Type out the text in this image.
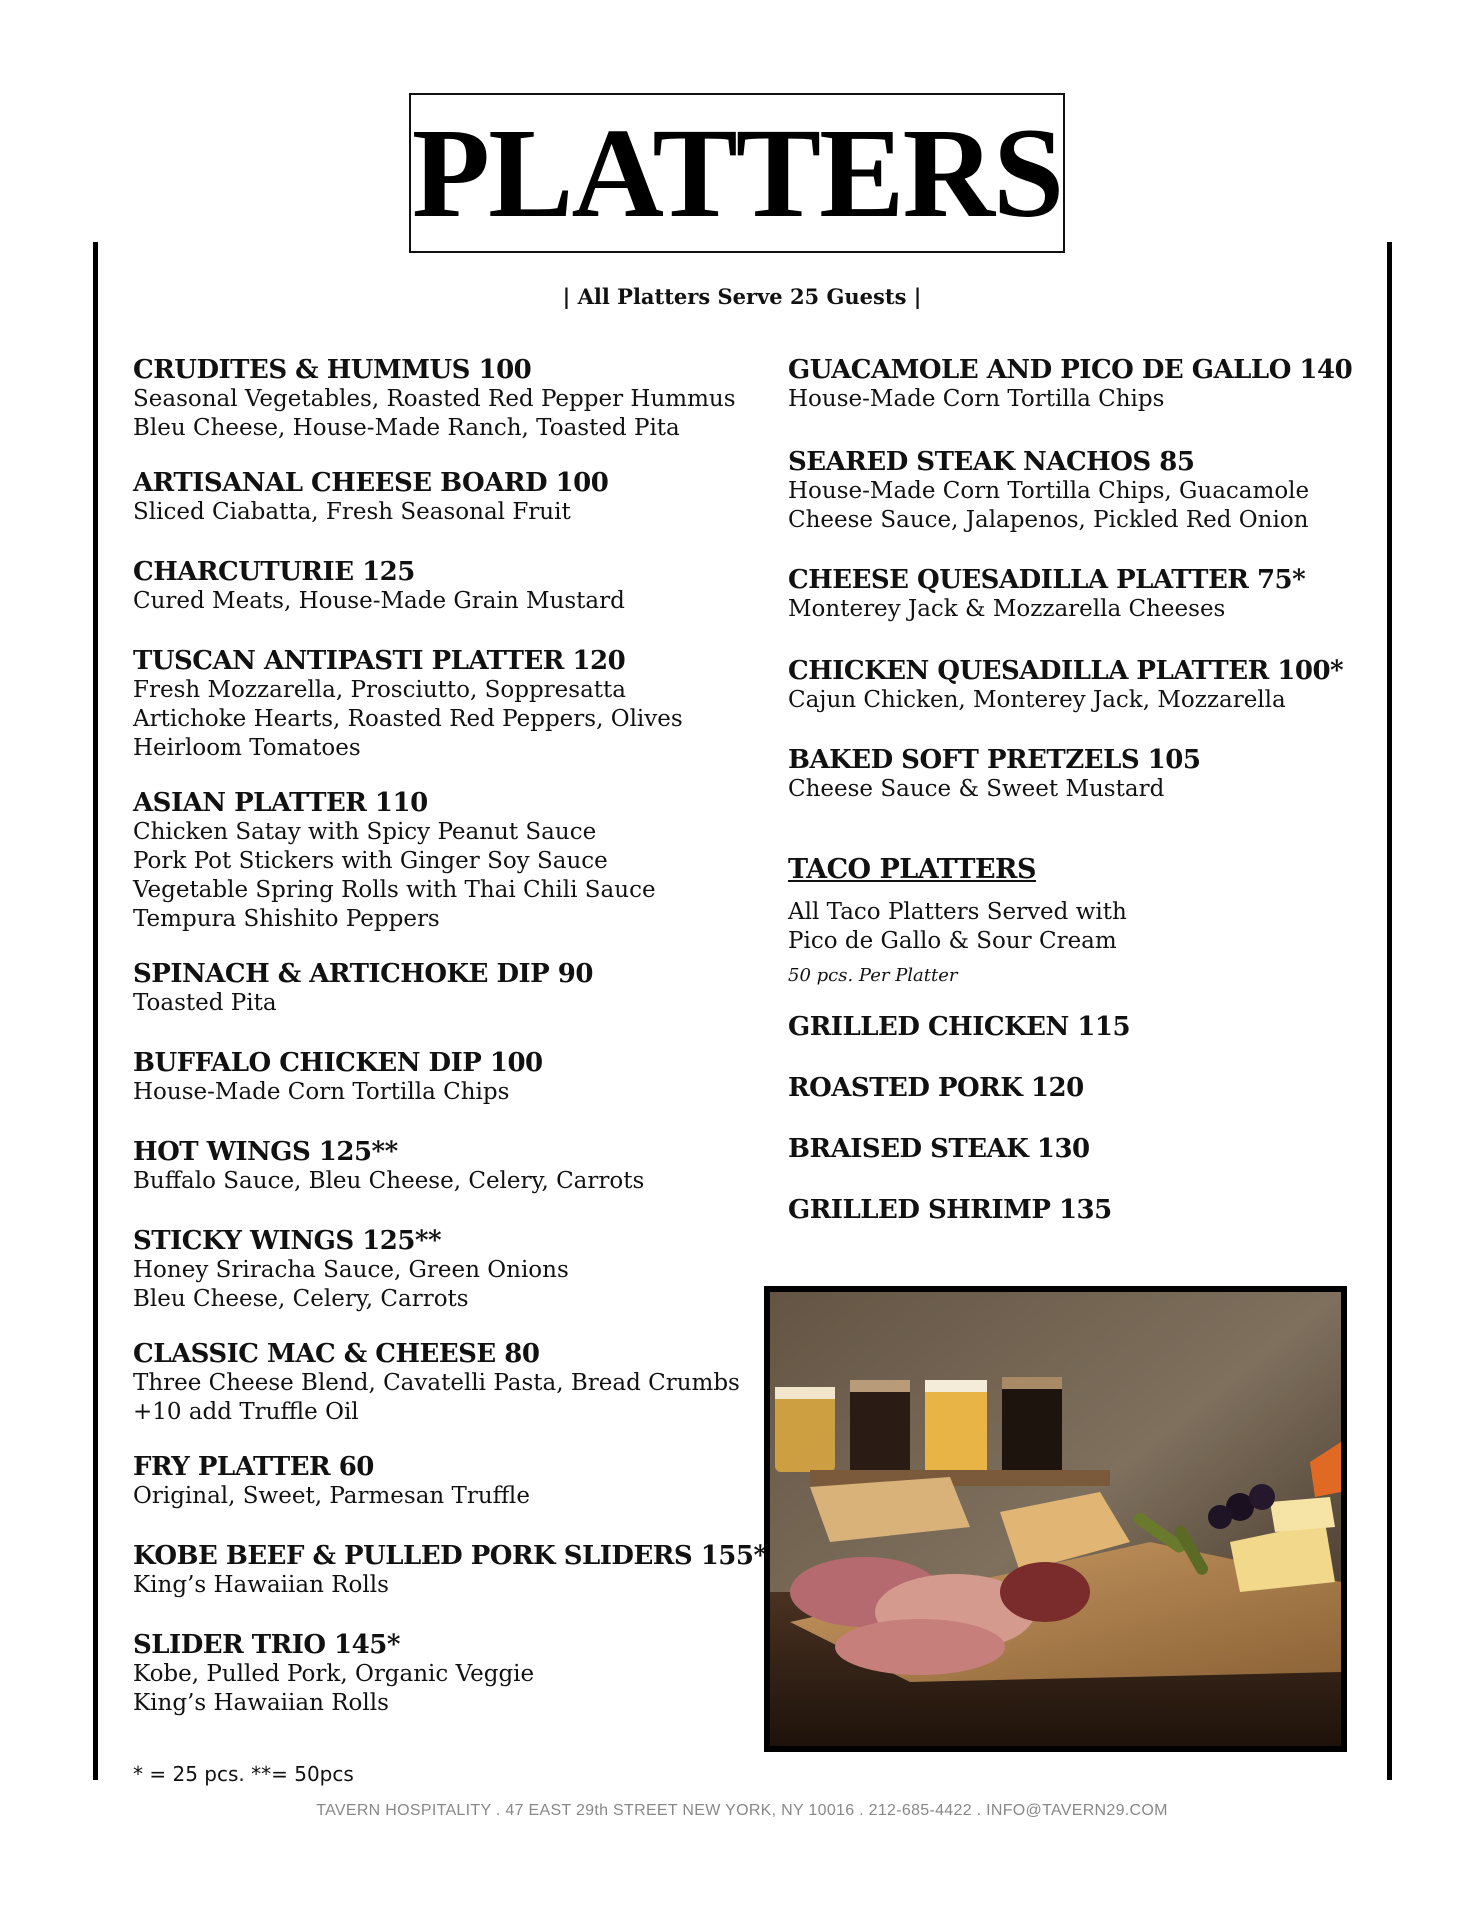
PLATTERS
| All Platters Serve 25 Guests |
CRUDITES & HUMMUS 100
Seasonal Vegetables, Roasted Red Pepper Hummus
Bleu Cheese, House-Made Ranch, Toasted Pita
ARTISANAL CHEESE BOARD 100
Sliced Ciabatta, Fresh Seasonal Fruit
CHARCUTURIE 125
Cured Meats, House-Made Grain Mustard
TUSCAN ANTIPASTI PLATTER 120
Fresh Mozzarella, Prosciutto, Soppresatta
Artichoke Hearts, Roasted Red Peppers, Olives
Heirloom Tomatoes
ASIAN PLATTER 110
Chicken Satay with Spicy Peanut Sauce
Pork Pot Stickers with Ginger Soy Sauce
Vegetable Spring Rolls with Thai Chili Sauce
Tempura Shishito Peppers
SPINACH & ARTICHOKE DIP 90
Toasted Pita
BUFFALO CHICKEN DIP 100
House-Made Corn Tortilla Chips
HOT WINGS 125**
Buffalo Sauce, Bleu Cheese, Celery, Carrots
STICKY WINGS 125**
Honey Sriracha Sauce, Green Onions
Bleu Cheese, Celery, Carrots
CLASSIC MAC & CHEESE 80
Three Cheese Blend, Cavatelli Pasta, Bread Crumbs
+10 add Truffle Oil
FRY PLATTER 60
Original, Sweet, Parmesan Truffle
KOBE BEEF & PULLED PORK SLIDERS 155*
King’s Hawaiian Rolls
SLIDER TRIO 145*
Kobe, Pulled Pork, Organic Veggie
King’s Hawaiian Rolls
GUACAMOLE AND PICO DE GALLO 140
House-Made Corn Tortilla Chips
SEARED STEAK NACHOS 85
House-Made Corn Tortilla Chips, Guacamole
Cheese Sauce, Jalapenos, Pickled Red Onion
CHEESE QUESADILLA PLATTER 75*
Monterey Jack & Mozzarella Cheeses
CHICKEN QUESADILLA PLATTER 100*
Cajun Chicken, Monterey Jack, Mozzarella
BAKED SOFT PRETZELS 105
Cheese Sauce & Sweet Mustard
TACO PLATTERS
All Taco Platters Served with
Pico de Gallo & Sour Cream
50 pcs. Per Platter
GRILLED CHICKEN 115
ROASTED PORK 120
BRAISED STEAK 130
GRILLED SHRIMP 135
* = 25 pcs. **= 50pcs
TAVERN HOSPITALITY . 47 EAST 29th STREET NEW YORK, NY 10016 . 212-685-4422 . INFO@TAVERN29.COM
